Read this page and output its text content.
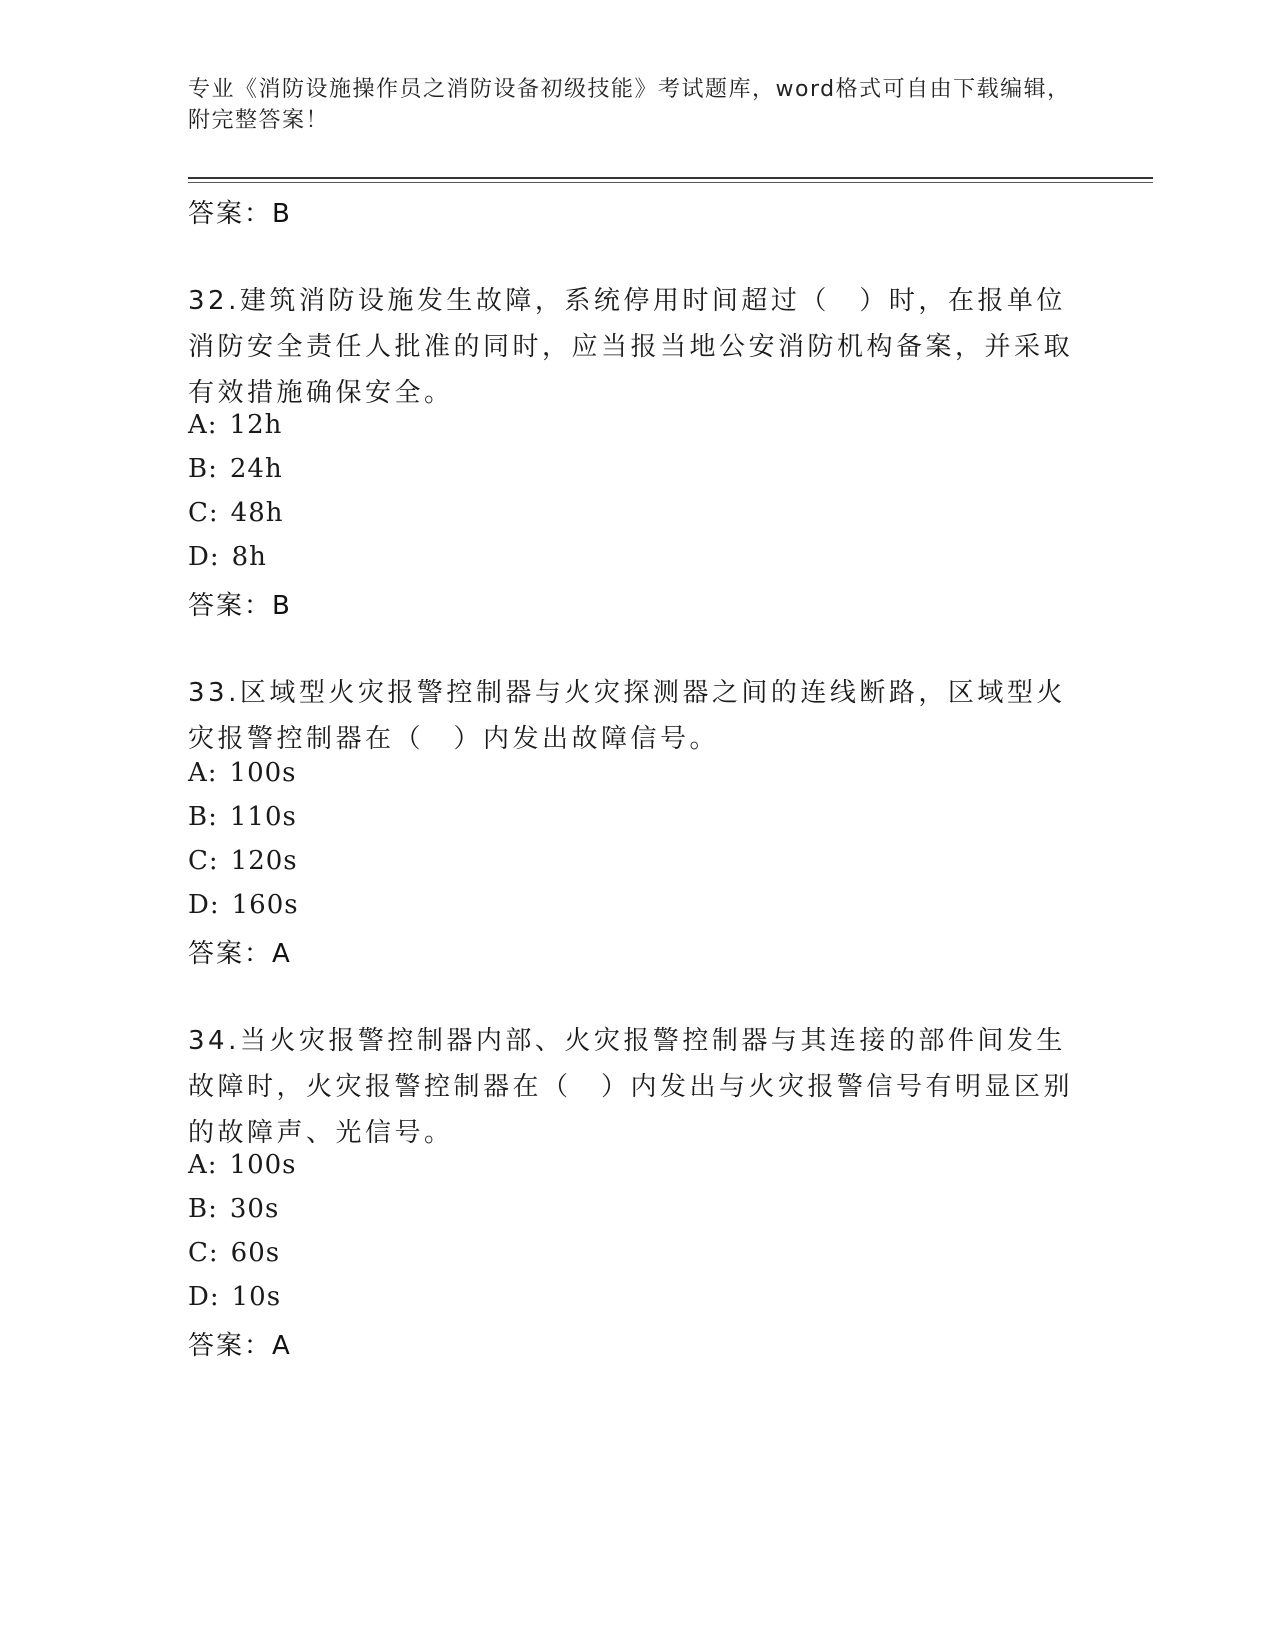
专业《消防设施操作员之消防设备初级技能》考试题库，word格式可自由下载编辑，附完整答案！
答案：B
32.建筑消防设施发生故障，系统停用时间超过（　）时，在报单位消防安全责任人批准的同时，应当报当地公安消防机构备案，并采取有效措施确保安全。
A: 12h
B: 24h
C: 48h
D: 8h
答案：B
33.区域型火灾报警控制器与火灾探测器之间的连线断路，区域型火灾报警控制器在（　）内发出故障信号。
A: 100s
B: 110s
C: 120s
D: 160s
答案：A
34.当火灾报警控制器内部、火灾报警控制器与其连接的部件间发生故障时，火灾报警控制器在（　）内发出与火灾报警信号有明显区别的故障声、光信号。
A: 100s
B: 30s
C: 60s
D: 10s
答案：A
